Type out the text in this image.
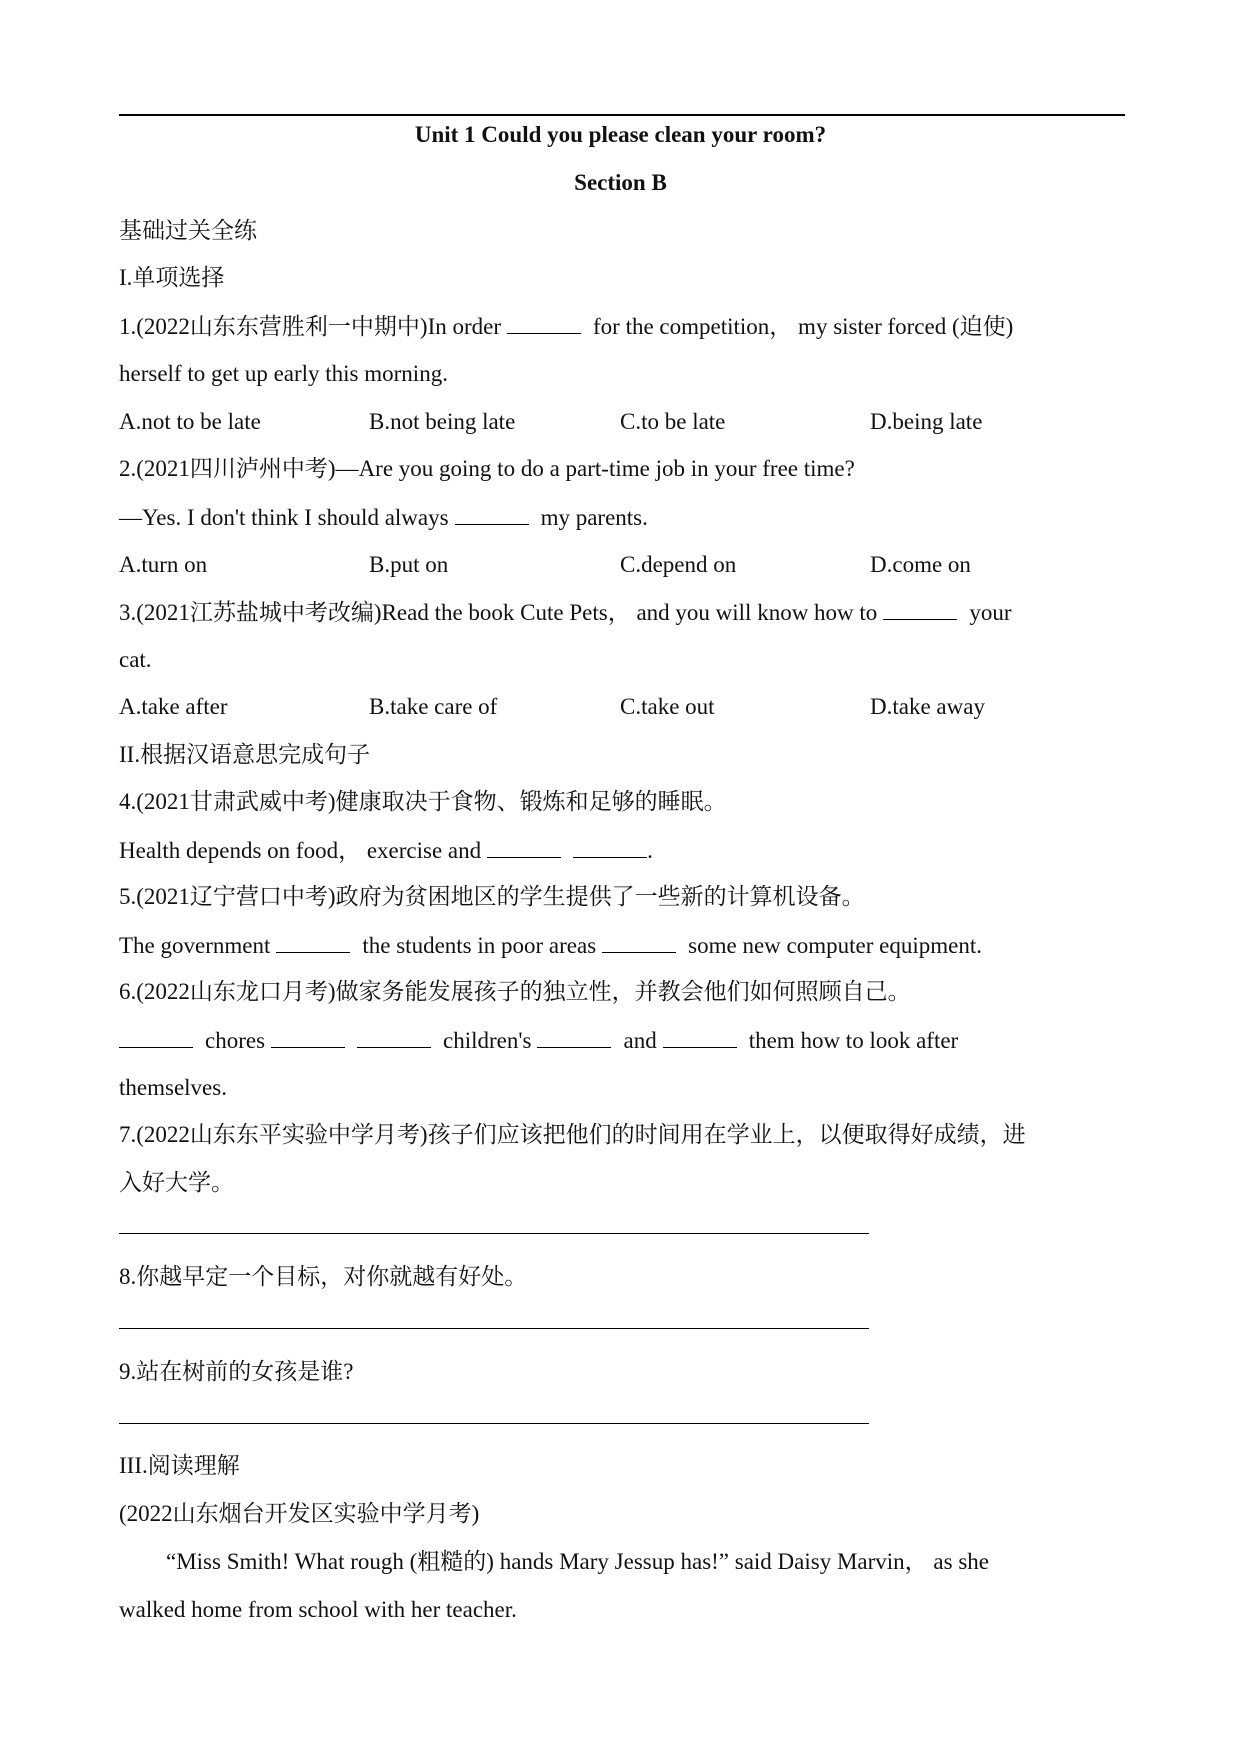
Unit 1 Could you please clean your room?
Section B
基础过关全练
I.单项选择
1.(2022山东东营胜利一中期中)In order	for the competition， my sister forced (迫使)
herself to get up early this morning.
A.not to be late	B.not being late	C.to be late	D.being late
2.(2021四川泸州中考)—Are you going to do a part-time job in your free time?
—Yes. I don't think I should always	my parents.
A.turn on	B.put on	C.depend on	D.come on
3.(2021江苏盐城中考改编)Read the book Cute Pets， and you will know how to	your
cat.
A.take after	B.take care of	C.take out	D.take away
II.根据汉语意思完成句子
4.(2021甘肃武威中考)健康取决于食物、锻炼和足够的睡眠。
Health depends on food， exercise and	.
5.(2021辽宁营口中考)政府为贫困地区的学生提供了一些新的计算机设备。
The government	the students in poor areas	some new computer equipment.
6.(2022山东龙口月考)做家务能发展孩子的独立性，并教会他们如何照顾自己。
chores	children's	and	them how to look after
themselves.
7.(2022山东东平实验中学月考)孩子们应该把他们的时间用在学业上，以便取得好成绩，进
入好大学。
8.你越早定一个目标，对你就越有好处。
9.站在树前的女孩是谁?
III.阅读理解
(2022山东烟台开发区实验中学月考)
“Miss Smith! What rough (粗糙的) hands Mary Jessup has!” said Daisy Marvin， as she
walked home from school with her teacher.
